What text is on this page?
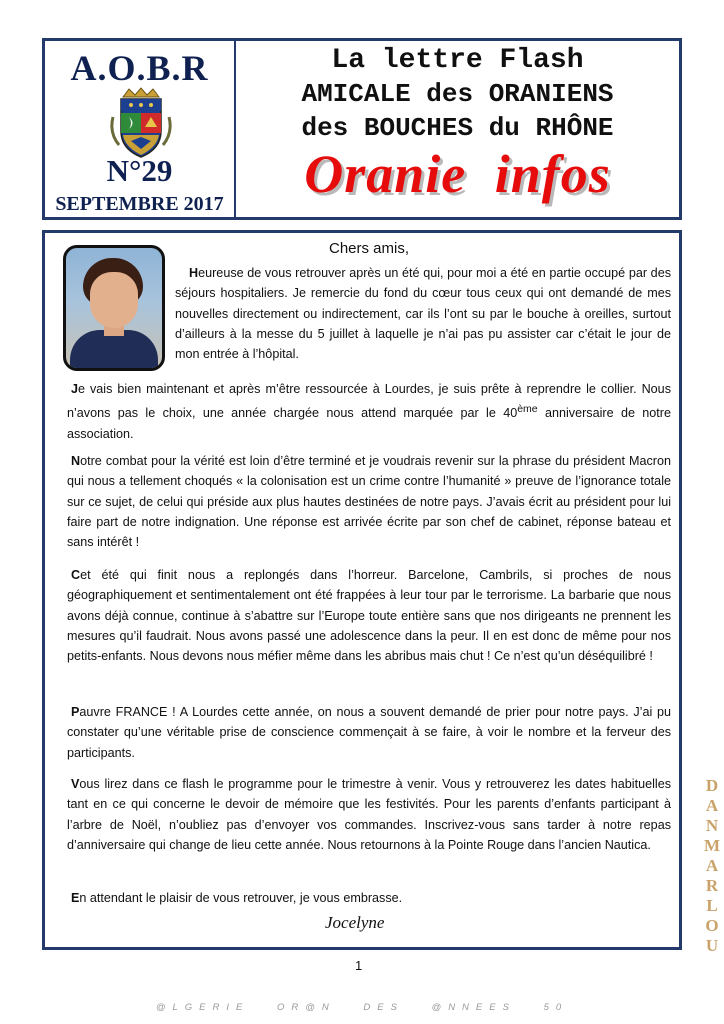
A.O.B.R
N°29
SEPTEMBRE 2017
La lettre Flash
AMICALE des ORANIENS
des BOUCHES du RHÔNE
Oranie infos
Chers amis,

Heureuse de vous retrouver après un été qui, pour moi a été en partie occupé par des séjours hospitaliers. Je remercie du fond du cœur tous ceux qui ont demandé de mes nouvelles directement ou indirectement, car ils l’ont su par le bouche à oreilles, surtout d’ailleurs à la messe du 5 juillet à laquelle je n’ai pas pu assister car c’était le jour de mon entrée à l’hôpital.

Je vais bien maintenant et après m’être ressourcée à Lourdes, je suis prête à reprendre le collier. Nous n’avons pas le choix, une année chargée nous attend marquée par le 40ème anniversaire de notre association.

Notre combat pour la vérité est loin d’être terminé et je voudrais revenir sur la phrase du président Macron qui nous a tellement choqués « la colonisation est un crime contre l’humanité » preuve de l’ignorance totale sur ce sujet, de celui qui préside aux plus hautes destinées de notre pays. J’avais écrit au président pour lui faire part de notre indignation. Une réponse est arrivée écrite par son chef de cabinet, réponse bateau et sans intérêt !

Cet été qui finit nous a replongés dans l’horreur. Barcelone, Cambrils, si proches de nous géographiquement et sentimentalement ont été frappées à leur tour par le terrorisme. La barbarie que nous avons déjà connue, continue à s’abattre sur l’Europe toute entière sans que nos dirigeants ne prennent les mesures qu’il faudrait. Nous avons passé une adolescence dans la peur. Il en est donc de même pour nos petits-enfants. Nous devons nous méfier même dans les abribus mais chut ! Ce n’est qu’un déséquilibré !

Pauvre FRANCE ! A Lourdes cette année, on nous a souvent demandé de prier pour notre pays. J’ai pu constater qu’une véritable prise de conscience commençait à se faire, à voir le nombre et la ferveur des participants.

Vous lirez dans ce flash le programme pour le trimestre à venir. Vous y retrouverez les dates habituelles tant en ce qui concerne le devoir de mémoire que les festivités. Pour les parents d’enfants participant à l’arbre de Noël, n’oubliez pas d’envoyer vos commandes. Inscrivez-vous sans tarder à notre repas d’anniversaire qui change de lieu cette année. Nous retournons à la Pointe Rouge dans l’ancien Nautica.

En attendant le plaisir de vous retrouver, je vous embrasse.

Jocelyne
1
@LGERIE OR@N DES @NNEES 50
D
A
N
M
A
R
L
O
U
